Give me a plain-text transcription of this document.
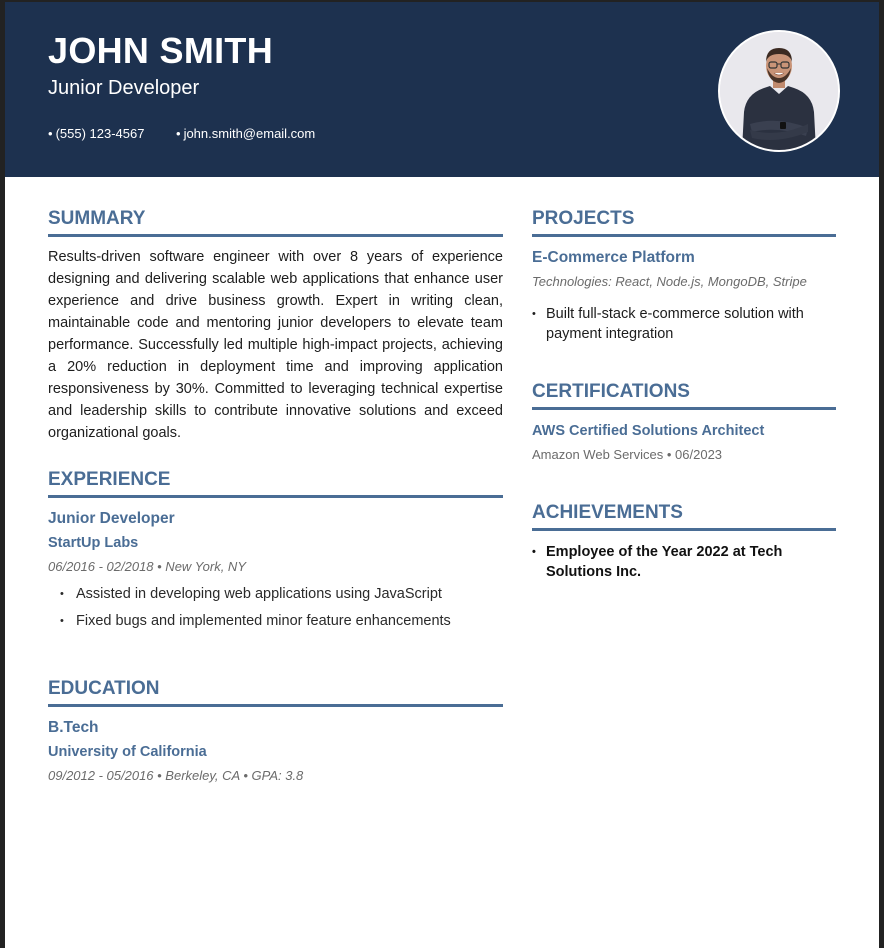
JOHN SMITH
Junior Developer
• (555) 123-4567 • john.smith@email.com
SUMMARY

Results-driven software engineer with over 8 years of experience designing and delivering scalable web applications that enhance user experience and drive business growth. Expert in writing clean, maintainable code and mentoring junior developers to elevate team performance. Successfully led multiple high-impact projects, achieving a 20% reduction in deployment time and improving application responsiveness by 30%. Committed to leveraging technical expertise and leadership skills to contribute innovative solutions and exceed organizational goals.

EXPERIENCE
Junior Developer
StartUp Labs
06/2016 - 02/2018 • New York, NY
• Assisted in developing web applications using JavaScript
• Fixed bugs and implemented minor feature enhancements
EDUCATION
B.Tech
University of California
09/2012 - 05/2016 • Berkeley, CA • GPA: 3.8
PROJECTS
E-Commerce Platform
Technologies: React, Node.js, MongoDB, Stripe
• Built full-stack e-commerce solution with payment integration
CERTIFICATIONS
AWS Certified Solutions Architect
Amazon Web Services • 06/2023
ACHIEVEMENTS
• Employee of the Year 2022 at Tech Solutions Inc.
